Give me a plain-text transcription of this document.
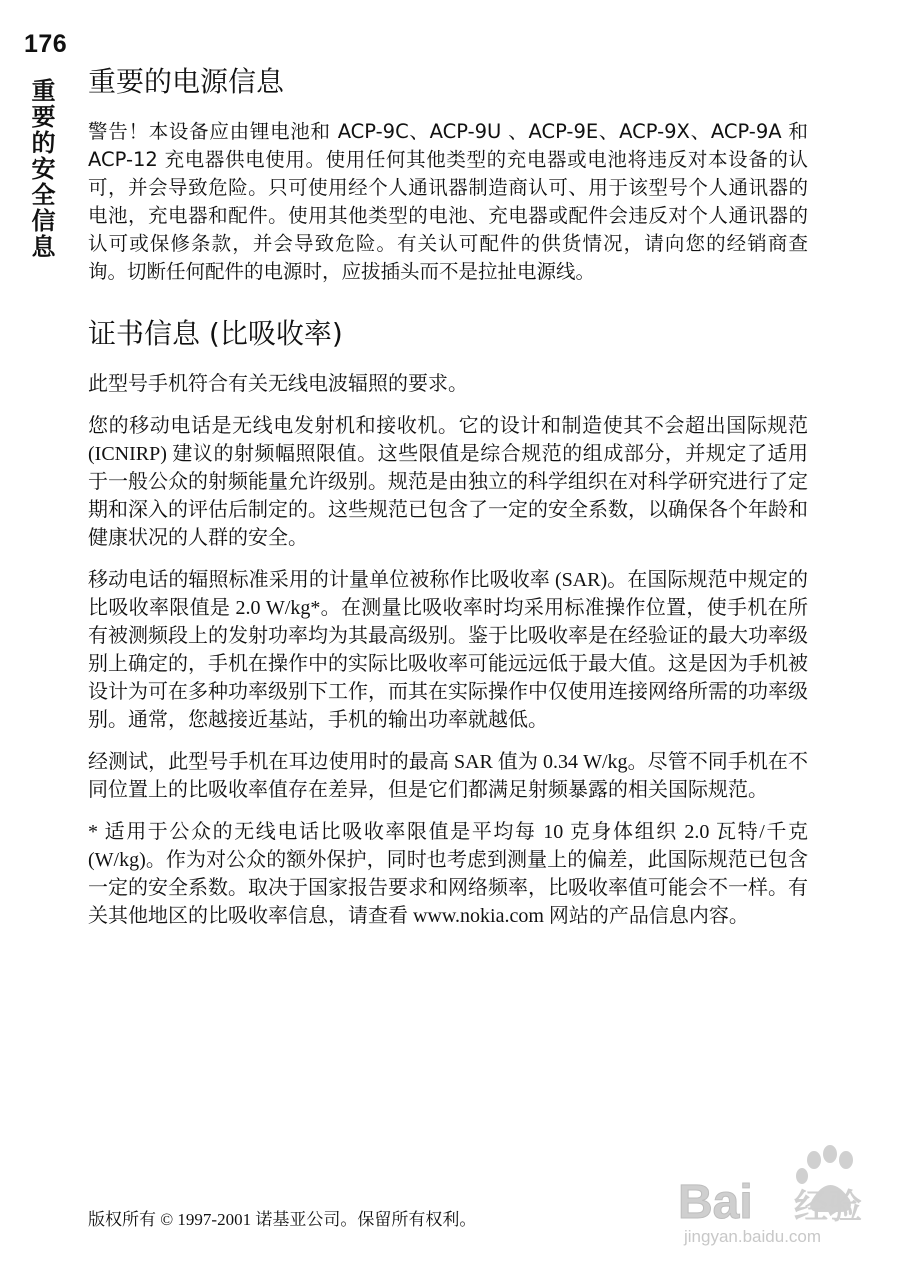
176
重要的安全信息 重要的电源信息

警告！本设备应由锂电池和 ACP-9C、ACP-9U 、ACP-9E、ACP-9X、ACP-9A 和 ACP-12 充电器供电使用。使用任何其他类型的充电器或电池将违反对本设备的认可，并会导致危险。只可使用经个人通讯器制造商认可、用于该型号个人通讯器的电池，充电器和配件。使用其他类型的电池、充电器或配件会违反对个人通讯器的认可或保修条款，并会导致危险。有关认可配件的供货情况，请向您的经销商查询。切断任何配件的电源时，应拔插头而不是拉扯电源线。

证书信息 (比吸收率)

此型号手机符合有关无线电波辐照的要求。

您的移动电话是无线电发射机和接收机。它的设计和制造使其不会超出国际规范 (ICNIRP) 建议的射频幅照限值。这些限值是综合规范的组成部分，并规定了适用于一般公众的射频能量允许级别。规范是由独立的科学组织在对科学研究进行了定期和深入的评估后制定的。这些规范已包含了一定的安全系数，以确保各个年龄和健康状况的人群的安全。

移动电话的辐照标准采用的计量单位被称作比吸收率 (SAR)。在国际规范中规定的比吸收率限值是 2.0 W/kg*。在测量比吸收率时均采用标准操作位置，使手机在所有被测频段上的发射功率均为其最高级别。鉴于比吸收率是在经验证的最大功率级别上确定的，手机在操作中的实际比吸收率可能远远低于最大值。这是因为手机被设计为可在多种功率级别下工作，而其在实际操作中仅使用连接网络所需的功率级别。通常，您越接近基站，手机的输出功率就越低。

经测试，此型号手机在耳边使用时的最高 SAR 值为 0.34 W/kg。尽管不同手机在不同位置上的比吸收率值存在差异，但是它们都满足射频暴露的相关国际规范。

* 适用于公众的无线电话比吸收率限值是平均每 10 克身体组织 2.0 瓦特/千克 (W/kg)。作为对公众的额外保护，同时也考虑到测量上的偏差，此国际规范已包含一定的安全系数。取决于国家报告要求和网络频率，比吸收率值可能会不一样。有关其他地区的比吸收率信息，请查看 www.nokia.com 网站的产品信息内容。

版权所有 © 1997-2001 诺基亚公司。保留所有权利。	Bai 经验
jingyan.baidu.com
